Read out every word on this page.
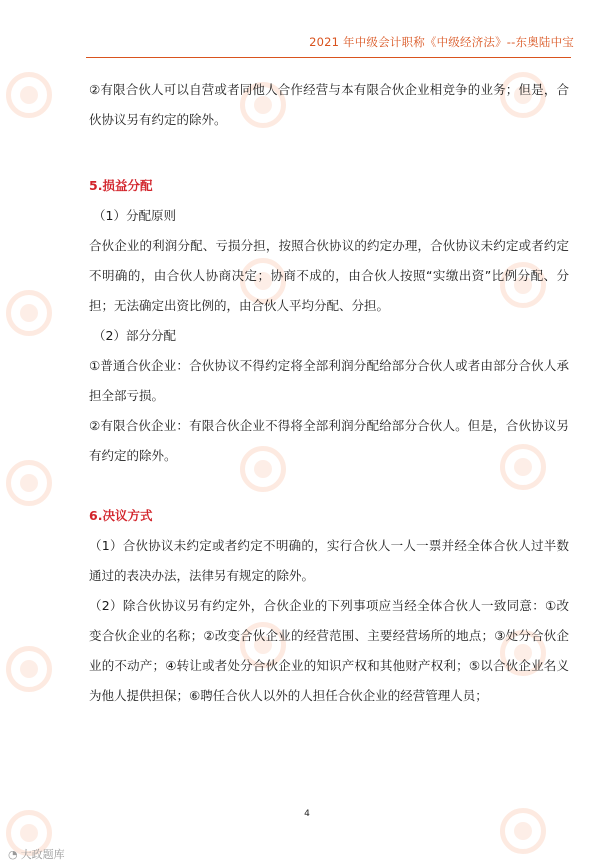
2021 年中级会计职称《中级经济法》--东奥陆中宝

②有限合伙人可以自营或者同他人合作经营与本有限合伙企业相竞争的业务；但是，合伙协议另有约定的除外。

5.损益分配

（1）分配原则

合伙企业的利润分配、亏损分担，按照合伙协议的约定办理，合伙协议未约定或者约定不明确的，由合伙人协商决定；协商不成的，由合伙人按照“实缴出资”比例分配、分担；无法确定出资比例的，由合伙人平均分配、分担。

（2）部分分配

①普通合伙企业：合伙协议不得约定将全部利润分配给部分合伙人或者由部分合伙人承担全部亏损。

②有限合伙企业：有限合伙企业不得将全部利润分配给部分合伙人。但是，合伙协议另有约定的除外。

6.决议方式

（1）合伙协议未约定或者约定不明确的，实行合伙人一人一票并经全体合伙人过半数通过的表决办法，法律另有规定的除外。

（2）除合伙协议另有约定外，合伙企业的下列事项应当经全体合伙人一致同意：①改变合伙企业的名称；②改变合伙企业的经营范围、主要经营场所的地点；③处分合伙企业的不动产；④转让或者处分合伙企业的知识产权和其他财产权利；⑤以合伙企业名义为他人提供担保；⑥聘任合伙人以外的人担任合伙企业的经营管理人员；

4
◔ 大政题库
